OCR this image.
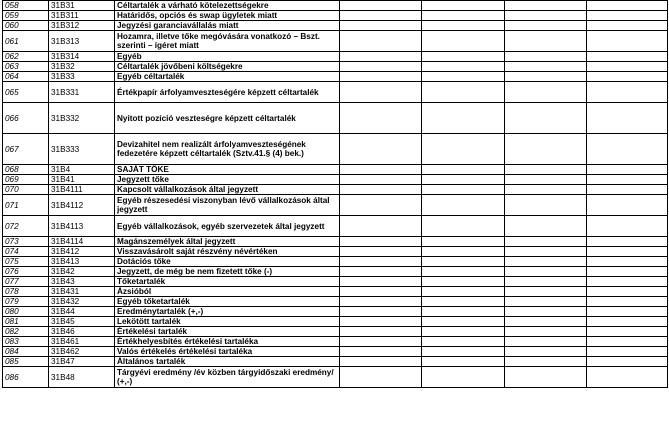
058	31B31	Céltartalék a várható kötelezettségekre				
059	31B311	Határidős, opciós és swap ügyletek miatt				
060	31B312	Jegyzési garanciavállalás miatt				
061	31B313	Hozamra, illetve tőke megóvására vonatkozó – Bszt. szerinti – ígéret miatt				
062	31B314	Egyéb				
063	31B32	Céltartalék jövőbeni költségekre				
064	31B33	Egyéb céltartalék				
065	31B331	Értékpapír árfolyamveszteségére képzett céltartalék				
066	31B332	Nyitott pozíció veszteségre képzett céltartalék				
067	31B333	Devizahitel nem realizált árfolyamveszteségének fedezetére képzett céltartalék (Sztv.41.§ (4) bek.)				
068	31B4	SAJÁT TŐKE				
069	31B41	Jegyzett tőke				
070	31B4111	Kapcsolt vállalkozások által jegyzett				
071	31B4112	Egyéb részesedési viszonyban lévő vállalkozások által jegyzett				
072	31B4113	Egyéb vállalkozások, egyéb szervezetek által jegyzett				
073	31B4114	Magánszemélyek által jegyzett				
074	31B412	Visszavásárolt saját részvény névértéken				
075	31B413	Dotációs tőke				
076	31B42	Jegyzett, de még be nem fizetett tőke (-)				
077	31B43	Tőketartalék				
078	31B431	Ázsióból				
079	31B432	Egyéb tőketartalék				
080	31B44	Eredménytartalék (+,-)				
081	31B45	Lekötött tartalék				
082	31B46	Értékelési tartalék				
083	31B461	Értékhelyesbítés értékelési tartaléka				
084	31B462	Valós értékelés értékelési tartaléka				
085	31B47	Általános tartalék				
086	31B48	Tárgyévi eredmény /év közben tárgyidőszaki eredmény/ (+,-)				
